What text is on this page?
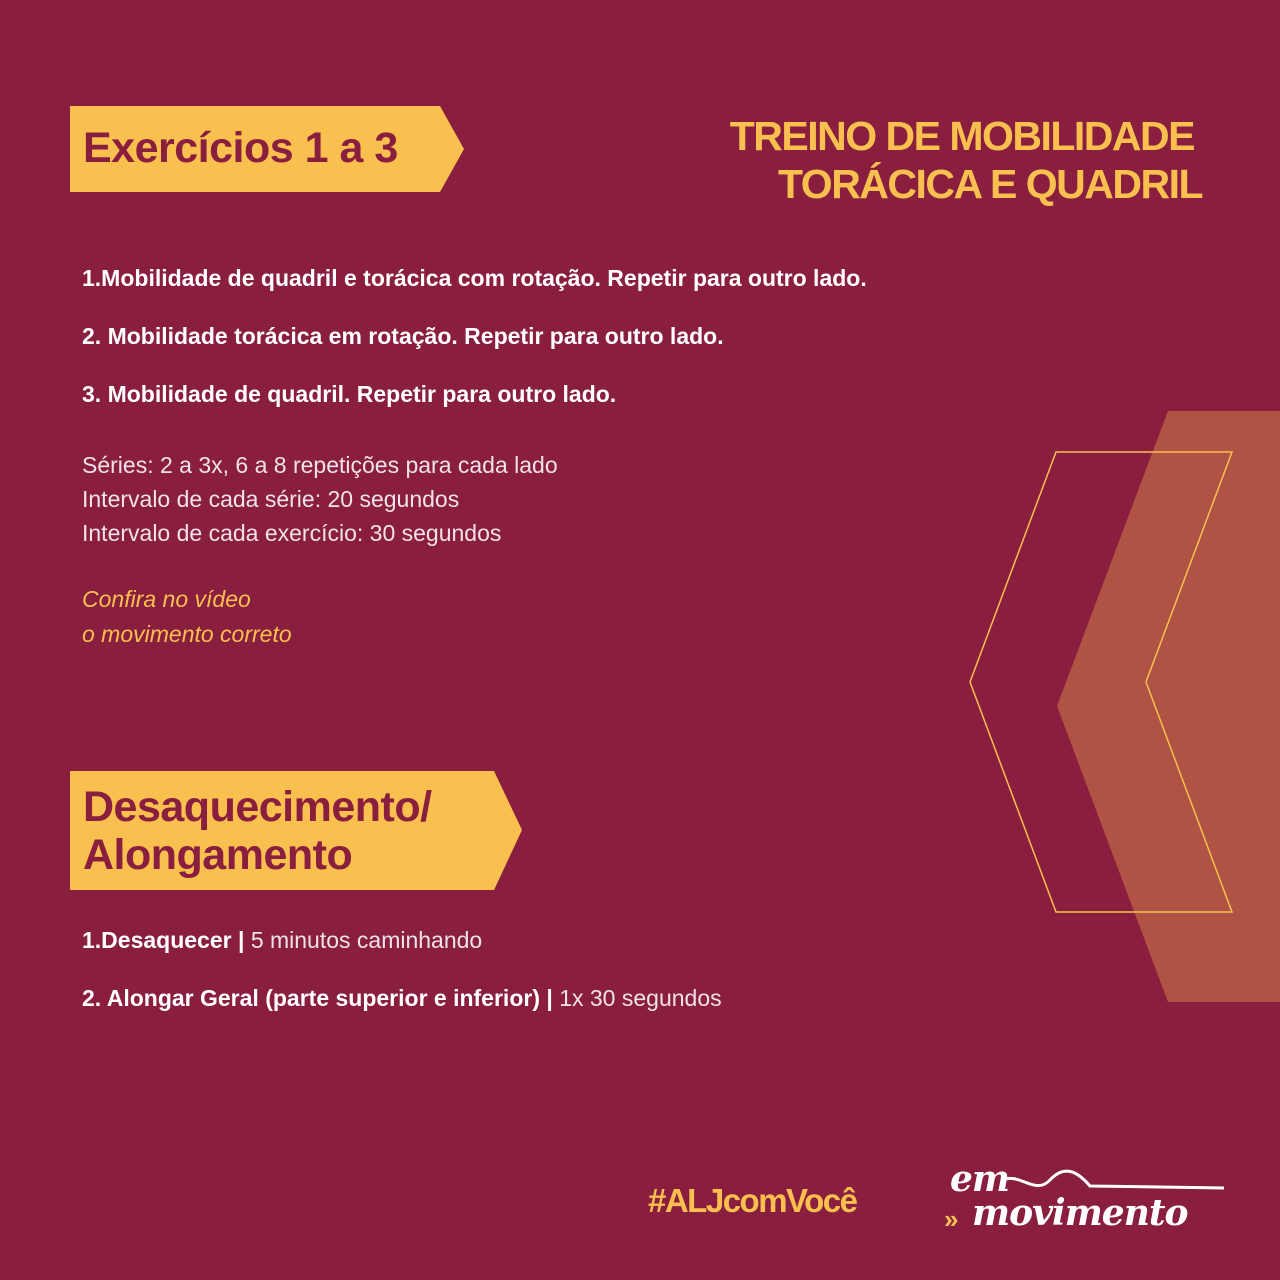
Exercícios 1 a 3	TREINO DE MOBILIDADE
TORÁCICA E QUADRIL
1.Mobilidade de quadril e torácica com rotação. Repetir para outro lado.
2. Mobilidade torácica em rotação. Repetir para outro lado.
3. Mobilidade de quadril. Repetir para outro lado.
Séries: 2 a 3x, 6 a 8 repetições para cada lado
Intervalo de cada série: 20 segundos
Intervalo de cada exercício: 30 segundos
Confira no vídeo
o movimento correto
Desaquecimento/
Alongamento
1.Desaquecer | 5 minutos caminhando
2. Alongar Geral (parte superior e inferior) | 1x 30 segundos
#ALJcomVocê
em
» movimento
